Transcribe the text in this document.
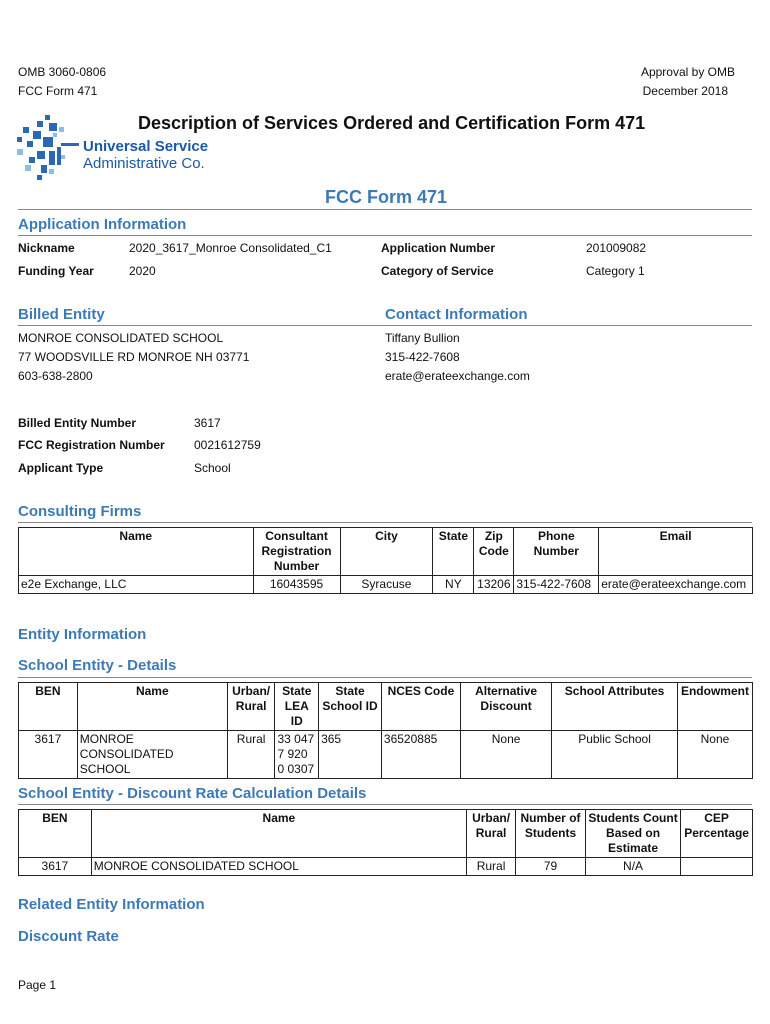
OMB 3060-0806
FCC Form 471
Approval by OMB
December 2018
Universal Service
Administrative Co.
Description of Services Ordered and Certification Form 471
FCC Form 471
Application Information
Nickname	2020_3617_Monroe Consolidated_C1	Application Number	201009082
Funding Year	2020	Category of Service	Category 1
Billed Entity	Contact Information
MONROE CONSOLIDATED SCHOOL
77 WOODSVILLE RD MONROE NH 03771
603-638-2800
Tiffany Bullion
315-422-7608
erate@erateexchange.com
Billed Entity Number	3617
FCC Registration Number 0021612759
Applicant Type	School
Consulting Firms
Name	Consultant Registration Number	City	State	Zip Code	Phone Number	Email
e2e Exchange, LLC	16043595	Syracuse	NY	13206	315-422-7608	erate@erateexchange.com
Entity Information
School Entity - Details
BEN	Name	Urban/ Rural	State LEA ID	State School ID	NCES Code	Alternative Discount	School Attributes	Endowment
3617	MONROE CONSOLIDATED SCHOOL	Rural	33 0477 920 0 0307	365	36520885	None	Public School	None
School Entity - Discount Rate Calculation Details
BEN	Name	Urban/ Rural	Number of Students	Students Count Based on Estimate	CEP Percentage
3617	MONROE CONSOLIDATED SCHOOL	Rural	79	N/A	
Related Entity Information
Discount Rate
Page 1
